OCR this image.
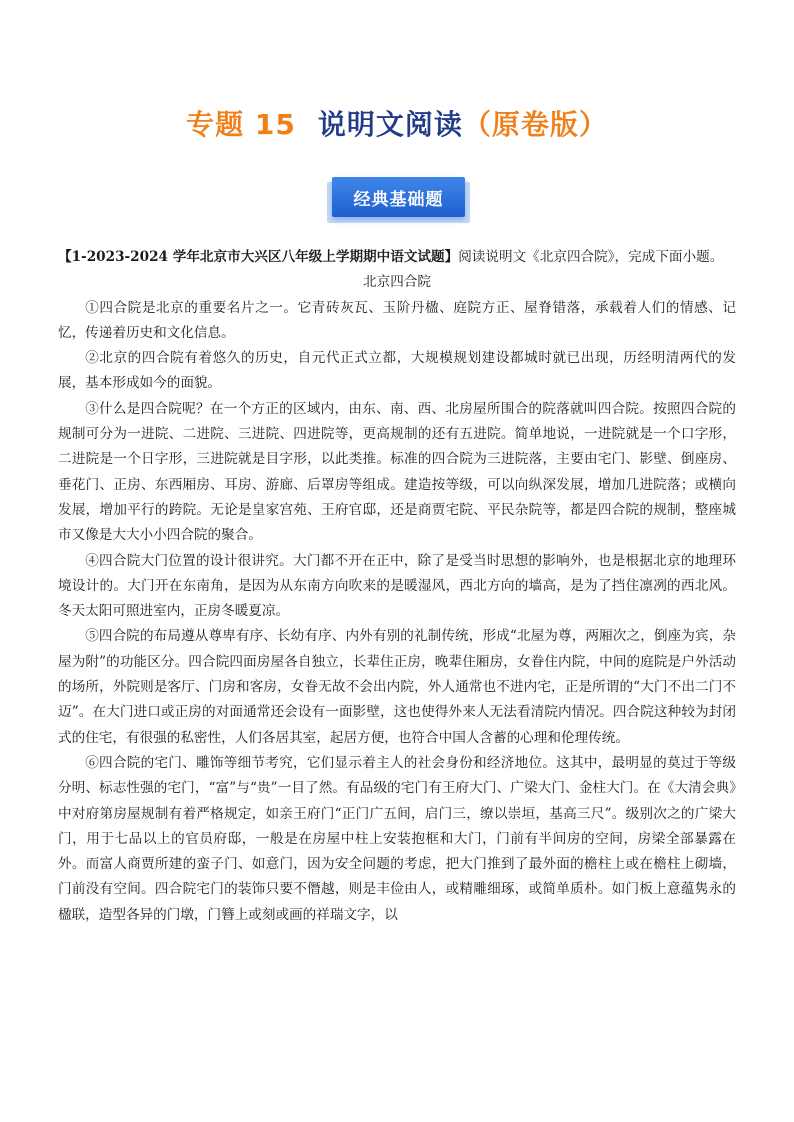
专题 15 说明文阅读（原卷版）
经典基础题

【1-2023-2024 学年北京市大兴区八年级上学期期中语文试题】阅读说明文《北京四合院》，完成下面小题。

北京四合院

①四合院是北京的重要名片之一。它青砖灰瓦、玉阶丹楹、庭院方正、屋脊错落，承载着人们的情感、记忆，传递着历史和文化信息。

②北京的四合院有着悠久的历史，自元代正式立都，大规模规划建设都城时就已出现，历经明清两代的发展，基本形成如今的面貌。

③什么是四合院呢？在一个方正的区域内，由东、南、西、北房屋所围合的院落就叫四合院。按照四合院的规制可分为一进院、二进院、三进院、四进院等，更高规制的还有五进院。简单地说，一进院就是一个口字形，二进院是一个日字形，三进院就是目字形，以此类推。标准的四合院为三进院落，主要由宅门、影壁、倒座房、垂花门、正房、东西厢房、耳房、游廊、后罩房等组成。建造按等级，可以向纵深发展，增加几进院落；或横向发展，增加平行的跨院。无论是皇家宫苑、王府官邸，还是商贾宅院、平民杂院等，都是四合院的规制，整座城市又像是大大小小四合院的聚合。

④四合院大门位置的设计很讲究。大门都不开在正中，除了是受当时思想的影响外，也是根据北京的地理环境设计的。大门开在东南角，是因为从东南方向吹来的是暖湿风，西北方向的墙高，是为了挡住凛冽的西北风。冬天太阳可照进室内，正房冬暖夏凉。

⑤四合院的布局遵从尊卑有序、长幼有序、内外有别的礼制传统，形成“北屋为尊，两厢次之，倒座为宾，杂屋为附”的功能区分。四合院四面房屋各自独立，长辈住正房，晚辈住厢房，女眷住内院，中间的庭院是户外活动的场所，外院则是客厅、门房和客房，女眷无故不会出内院，外人通常也不进内宅，正是所谓的“大门不出二门不迈”。在大门进口或正房的对面通常还会设有一面影壁，这也使得外来人无法看清院内情况。四合院这种较为封闭式的住宅，有很强的私密性，人们各居其室，起居方便，也符合中国人含蓄的心理和伦理传统。

⑥四合院的宅门、雕饰等细节考究，它们显示着主人的社会身份和经济地位。这其中，最明显的莫过于等级分明、标志性强的宅门，“富”与“贵”一目了然。有品级的宅门有王府大门、广梁大门、金柱大门。在《大清会典》中对府第房屋规制有着严格规定，如亲王府门“正门广五间，启门三，缭以崇垣，基高三尺”。级别次之的广梁大门，用于七品以上的官员府邸，一般是在房屋中柱上安装抱框和大门，门前有半间房的空间，房梁全部暴露在外。而富人商贾所建的蛮子门、如意门，因为安全问题的考虑，把大门推到了最外面的檐柱上或在檐柱上砌墙，门前没有空间。四合院宅门的装饰只要不僭越，则是丰俭由人，或精雕细琢，或简单质朴。如门板上意蕴隽永的楹联，造型各异的门墩，门簪上或刻或画的祥瑞文字，以
